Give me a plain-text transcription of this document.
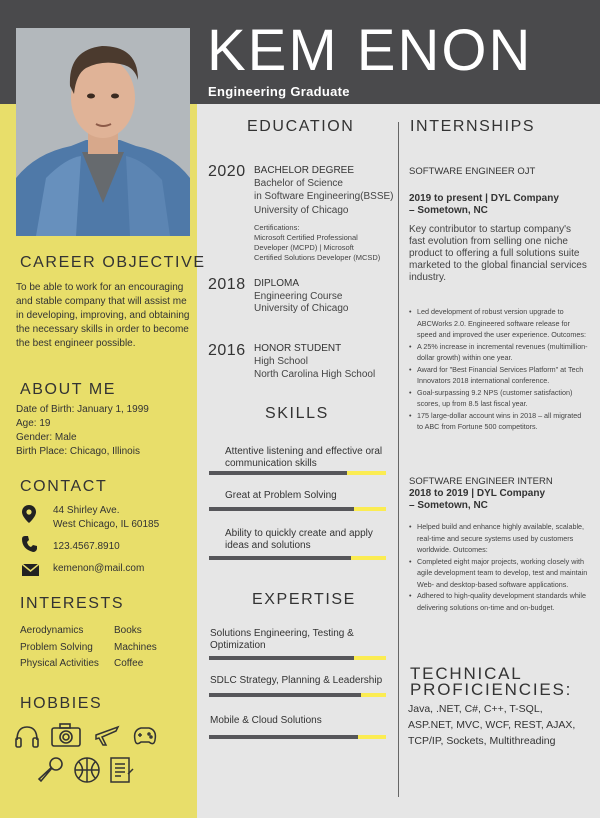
KEM ENON
Engineering Graduate
CAREER OBJECTIVE
To be able to work for an encouraging and stable company that will assist me in developing, improving, and obtaining the necessary skills in order to become the best engineer possible.
ABOUT ME
Date of Birth: January 1, 1999
Age: 19
Gender: Male
Birth Place: Chicago, Illinois
CONTACT
44 Shirley Ave.
West Chicago, IL 60185
123.4567.8910
kemenon@mail.com
INTERESTS
Aerodynamics
Problem Solving
Physical Activities
Books
Machines
Coffee
HOBBIES
EDUCATION
2020 BACHELOR DEGREE
Bachelor of Science
in Software Engineering(BSSE)
University of Chicago
Certifications:
Microsoft Certified Professional
Developer (MCPD) | Microsoft
Certified Solutions Developer (MCSD)
2018 DIPLOMA
Engineering Course
University of Chicago
2016 HONOR STUDENT
High School
North Carolina High School
SKILLS
Attentive listening and effective oral communication skills
Great at Problem Solving
Ability to quickly create and apply ideas and solutions
EXPERTISE
Solutions Engineering, Testing & Optimization
SDLC Strategy, Planning & Leadership
Mobile & Cloud Solutions
INTERNSHIPS
SOFTWARE ENGINEER OJT
2019 to present | DYL Company
– Sometown, NC
Key contributor to startup company's fast evolution from selling one niche product to offering a full solutions suite marketed to the global financial services industry.
• Led development of robust version upgrade to ABCWorks 2.0. Engineered software release for speed and improved the user experience. Outcomes:
• A 25% increase in incremental revenues (multimillion-dollar growth) within one year.
• Award for "Best Financial Services Platform" at Tech Innovators 2018 international conference.
• Goal-surpassing 9.2 NPS (customer satisfaction) scores, up from 8.5 last fiscal year.
• 175 large-dollar account wins in 2018 – all migrated to ABC from Fortune 500 competitors.
SOFTWARE ENGINEER INTERN
2018 to 2019 | DYL Company
– Sometown, NC
• Helped build and enhance highly available, scalable, real-time and secure systems used by customers worldwide. Outcomes:
• Completed eight major projects, working closely with agile development team to develop, test and maintain Web- and desktop-based software applications.
• Adhered to high-quality development standards while delivering solutions on-time and on-budget.
TECHNICAL
PROFICIENCIES:
Java, .NET, C#, C++, T-SQL,
ASP.NET, MVC, WCF, REST, AJAX,
TCP/IP, Sockets, Multithreading
